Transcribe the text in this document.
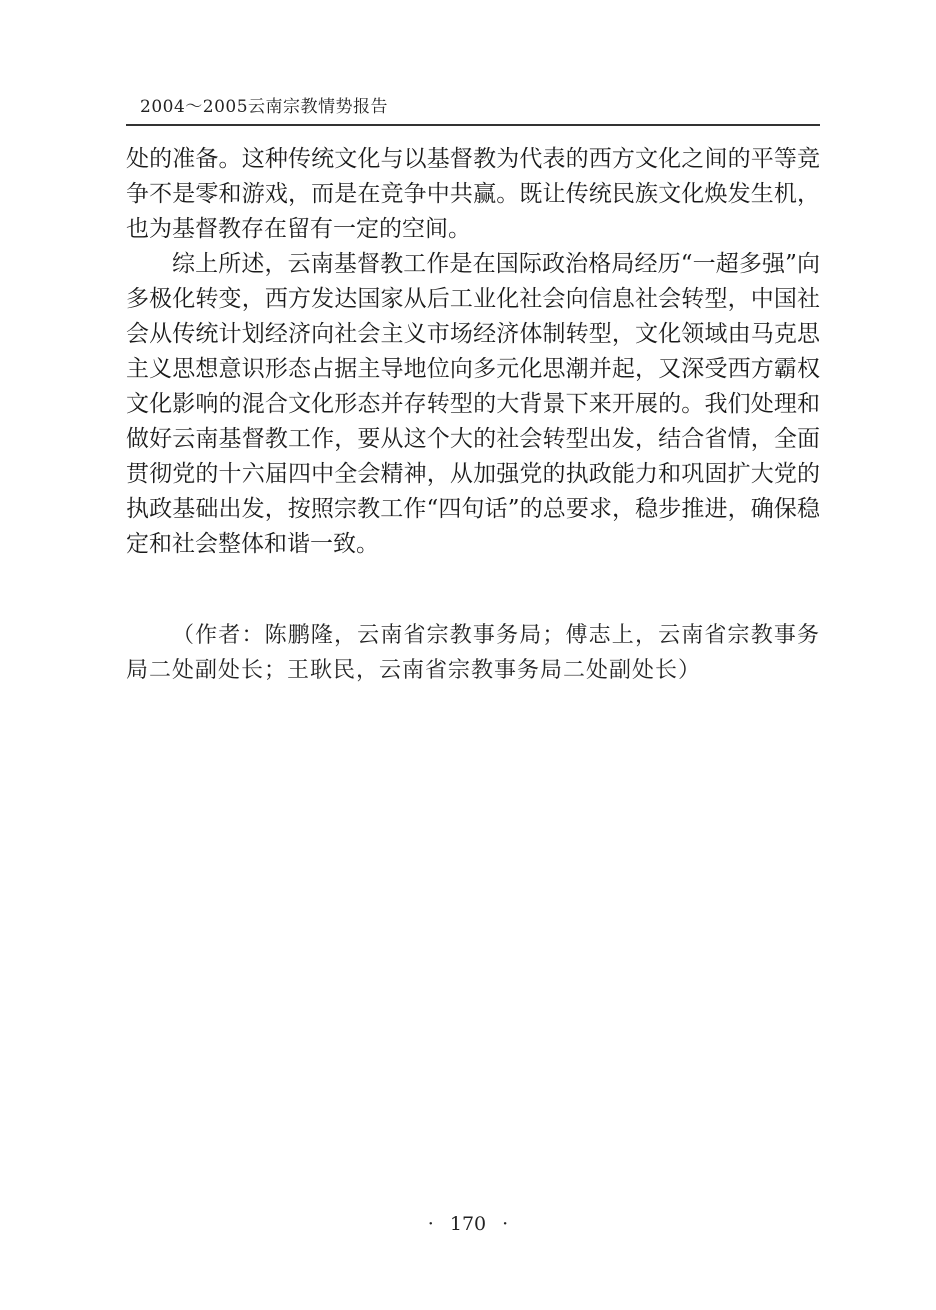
2004～2005云南宗教情势报告

处的准备。这种传统文化与以基督教为代表的西方文化之间的平等竞争不是零和游戏，而是在竞争中共赢。既让传统民族文化焕发生机，也为基督教存在留有一定的空间。

综上所述，云南基督教工作是在国际政治格局经历“一超多强”向多极化转变，西方发达国家从后工业化社会向信息社会转型，中国社会从传统计划经济向社会主义市场经济体制转型，文化领域由马克思主义思想意识形态占据主导地位向多元化思潮并起，又深受西方霸权文化影响的混合文化形态并存转型的大背景下来开展的。我们处理和做好云南基督教工作，要从这个大的社会转型出发，结合省情，全面贯彻党的十六届四中全会精神，从加强党的执政能力和巩固扩大党的执政基础出发，按照宗教工作“四句话”的总要求，稳步推进，确保稳定和社会整体和谐一致。

（作者：陈鹏隆，云南省宗教事务局；傅志上，云南省宗教事务局二处副处长；王耿民，云南省宗教事务局二处副处长）
· 170 ·
